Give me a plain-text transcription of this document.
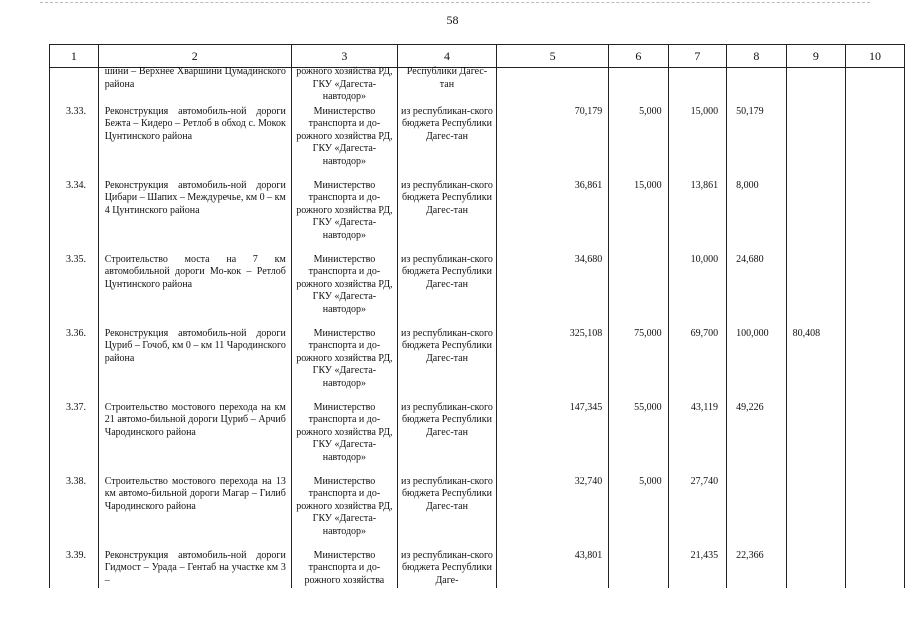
58
1	2	3	4	5	6	7	8	9	10

	шини – Верхнее Хваршини Цумадинского района	рожного хозяйства РД, ГКУ «Дагеста-навтодор»	Республики Дагес-тан						

3.33.	Реконструкция автомобиль-ной дороги Бежта – Кидеро – Ретлоб в обход с. Мокок Цунтинского района	Министерство транспорта и до-рожного хозяйства РД, ГКУ «Дагеста-навтодор»	из республикан-ского бюджета Республики Дагес-тан	70,179	5,000	15,000	50,179		

3.34.	Реконструкция автомобиль-ной дороги Цибари – Шапих – Междуречье, км 0 – км 4 Цунтинского района	Министерство транспорта и до-рожного хозяйства РД, ГКУ «Дагеста-навтодор»	из республикан-ского бюджета Республики Дагес-тан	36,861	15,000	13,861	8,000		

3.35.	Строительство моста на 7 км автомобильной дороги Мо-кок – Ретлоб Цунтинского района	Министерство транспорта и до-рожного хозяйства РД, ГКУ «Дагеста-навтодор»	из республикан-ского бюджета Республики Дагес-тан	34,680		10,000	24,680		

3.36.	Реконструкция автомобиль-ной дороги Цуриб – Гочоб, км 0 – км 11 Чародинского района	Министерство транспорта и до-рожного хозяйства РД, ГКУ «Дагеста-навтодор»	из республикан-ского бюджета Республики Дагес-тан	325,108	75,000	69,700	100,000	80,408	

3.37.	Строительство мостового перехода на км 21 автомо-бильной дороги Цуриб – Арчиб Чародинского района	Министерство транспорта и до-рожного хозяйства РД, ГКУ «Дагеста-навтодор»	из республикан-ского бюджета Республики Дагес-тан	147,345	55,000	43,119	49,226		

3.38.	Строительство мостового перехода на 13 км автомо-бильной дороги Магар – Гилиб Чародинского района	Министерство транспорта и до-рожного хозяйства РД, ГКУ «Дагеста-навтодор»	из республикан-ского бюджета Республики Дагес-тан	32,740	5,000	27,740			

3.39.	Реконструкция автомобиль-ной дороги Гидмост – Урада – Гентаб на участке км 3 –	Министерство транспорта и до-рожного хозяйства	из республикан-ского бюджета Республики Даге-	43,801		21,435	22,366		
